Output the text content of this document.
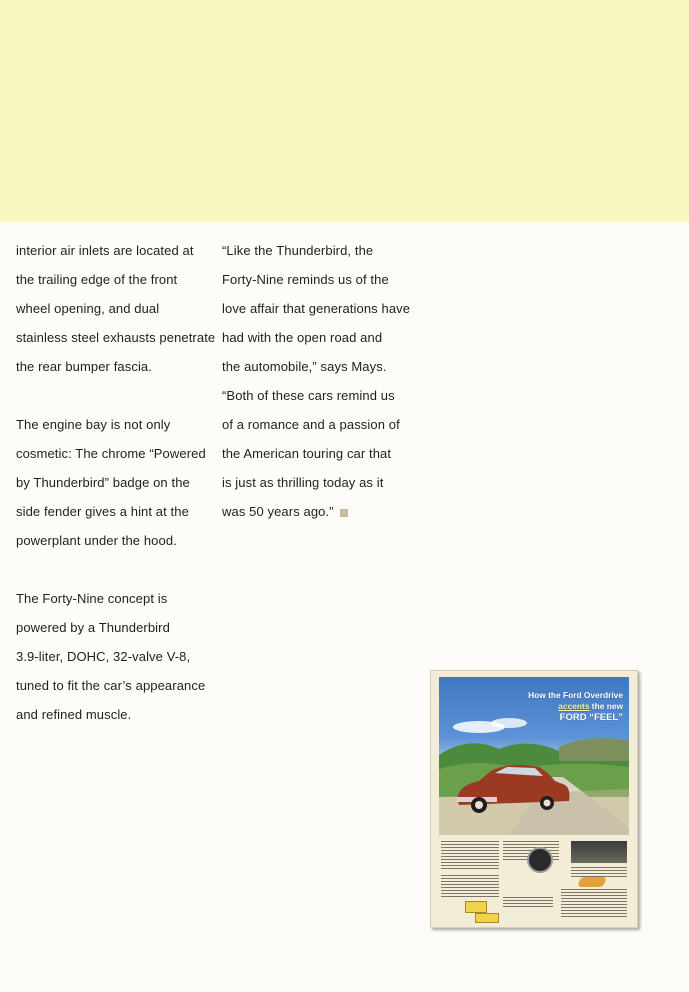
interior air inlets are located at

the trailing edge of the front

wheel opening, and dual

stainless steel exhausts penetrate

the rear bumper fascia.

The engine bay is not only

cosmetic: The chrome “Powered

by Thunderbird” badge on the

side fender gives a hint at the

powerplant under the hood.

The Forty-Nine concept is

powered by a Thunderbird

3.9-liter, DOHC, 32-valve V-8,

tuned to fit the car’s appearance

and refined muscle.

“Like the Thunderbird, the

Forty-Nine reminds us of the

love affair that generations have

had with the open road and

the automobile,” says Mays.

“Both of these cars remind us

of a romance and a passion of

the American touring car that

is just as thrilling today as it

was 50 years ago.”

How the Ford Overdrive
accents the new
FORD “FEEL”
